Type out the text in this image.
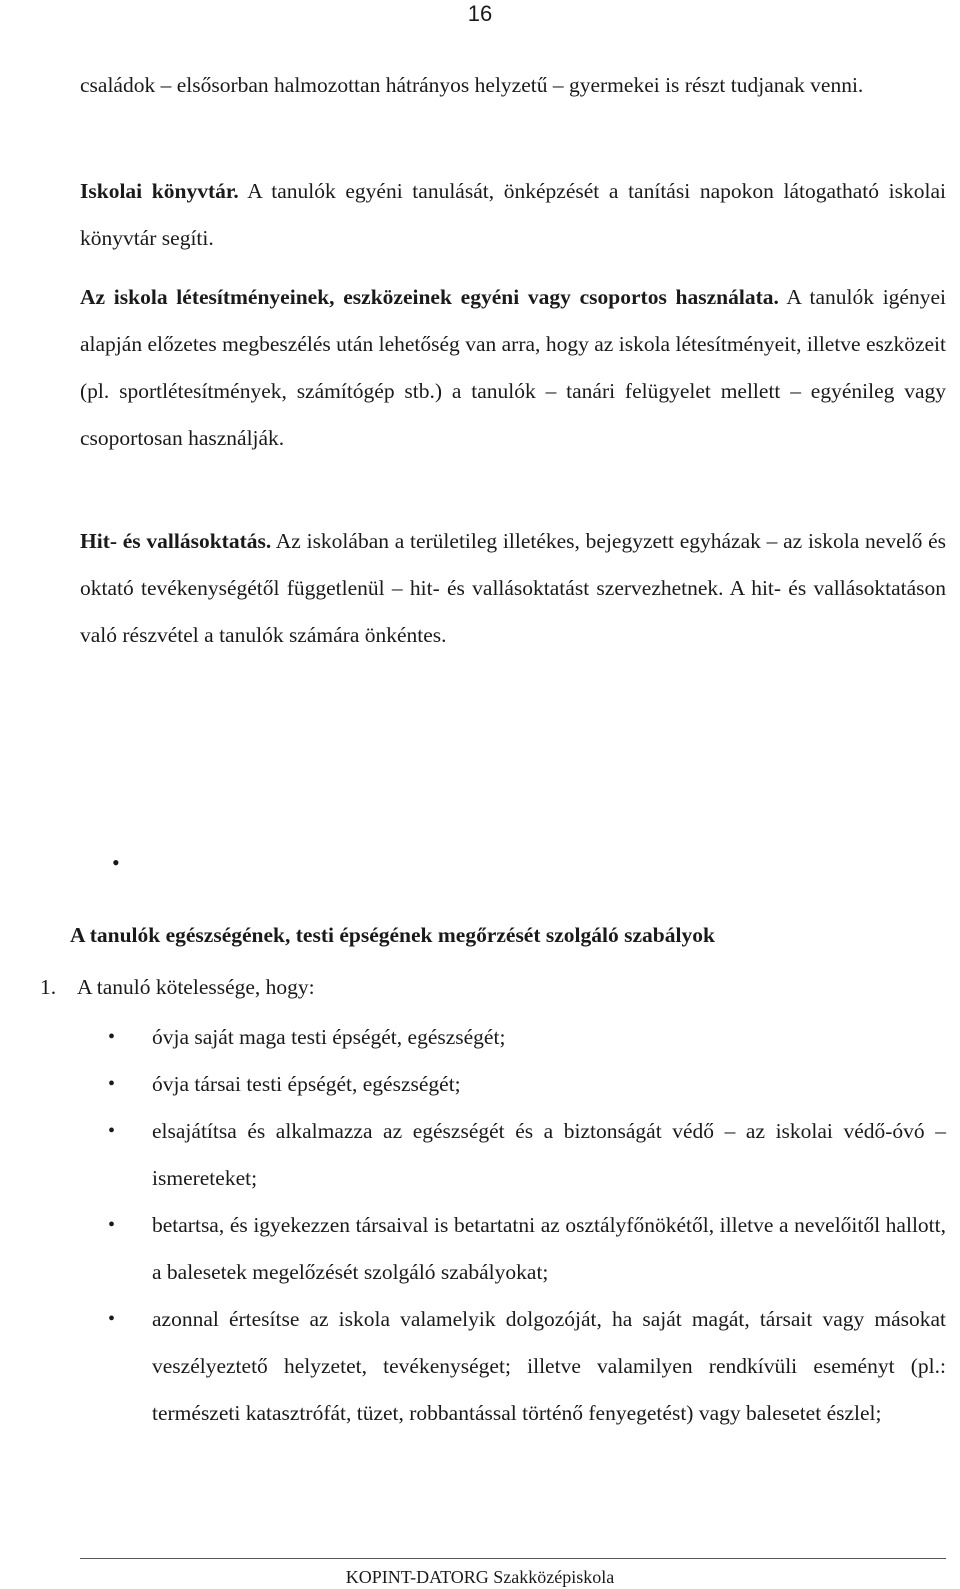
16

családok – elsősorban halmozottan hátrányos helyzetű – gyermekei is részt tudjanak venni.

Iskolai könyvtár. A tanulók egyéni tanulását, önképzését a tanítási napokon látogatható iskolai könyvtár segíti.

Az iskola létesítményeinek, eszközeinek egyéni vagy csoportos használata. A tanulók igényei alapján előzetes megbeszélés után lehetőség van arra, hogy az iskola létesítményeit, illetve eszközeit (pl. sportlétesítmények, számítógép stb.) a tanulók – tanári felügyelet mellett – egyénileg vagy csoportosan használják.

Hit- és vallásoktatás. Az iskolában a területileg illetékes, bejegyzett egyházak – az iskola nevelő és oktató tevékenységétől függetlenül – hit- és vallásoktatást szervezhetnek. A hit- és vallásoktatáson való részvétel a tanulók számára önkéntes.

•
A tanulók egészségének, testi épségének megőrzését szolgáló szabályok
1. A tanuló kötelessége, hogy:
• óvja saját maga testi épségét, egészségét;
• óvja társai testi épségét, egészségét;
• elsajátítsa és alkalmazza az egészségét és a biztonságát védő – az iskolai védő-óvó – ismereteket;
• betartsa, és igyekezzen társaival is betartatni az osztályfőnökétől, illetve a nevelőitől hallott, a balesetek megelőzését szolgáló szabályokat;
• azonnal értesítse az iskola valamelyik dolgozóját, ha saját magát, társait vagy másokat veszélyeztető helyzetet, tevékenységet; illetve valamilyen rendkívüli eseményt (pl.: természeti katasztrófát, tüzet, robbantással történő fenyegetést) vagy balesetet észlel;
KOPINT-DATORG Szakközépiskola
